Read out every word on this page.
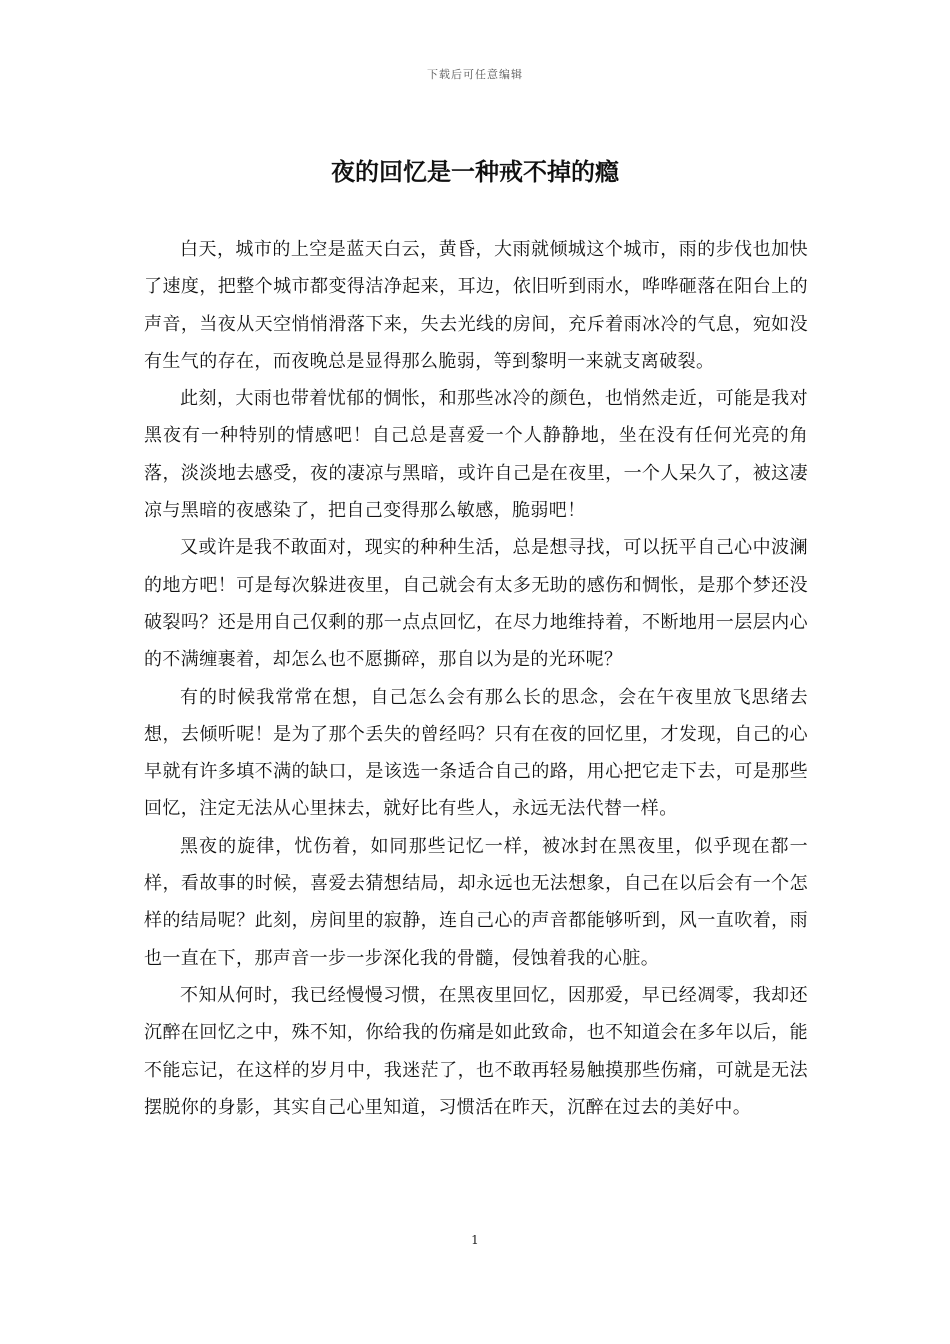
下载后可任意编辑
夜的回忆是一种戒不掉的瘾

白天，城市的上空是蓝天白云，黄昏，大雨就倾城这个城市，雨的步伐也加快了速度，把整个城市都变得洁净起来，耳边，依旧听到雨水，哗哗砸落在阳台上的声音，当夜从天空悄悄滑落下来，失去光线的房间，充斥着雨冰冷的气息，宛如没有生气的存在，而夜晚总是显得那么脆弱，等到黎明一来就支离破裂。

此刻，大雨也带着忧郁的惆怅，和那些冰冷的颜色，也悄然走近，可能是我对黑夜有一种特别的情感吧！自己总是喜爱一个人静静地，坐在没有任何光亮的角落，淡淡地去感受，夜的凄凉与黑暗，或许自己是在夜里，一个人呆久了，被这凄凉与黑暗的夜感染了，把自己变得那么敏感，脆弱吧！

又或许是我不敢面对，现实的种种生活，总是想寻找，可以抚平自己心中波澜的地方吧！可是每次躲进夜里，自己就会有太多无助的感伤和惆怅，是那个梦还没破裂吗？还是用自己仅剩的那一点点回忆，在尽力地维持着，不断地用一层层内心的不满缠裹着，却怎么也不愿撕碎，那自以为是的光环呢？

有的时候我常常在想，自己怎么会有那么长的思念，会在午夜里放飞思绪去想，去倾听呢！是为了那个丢失的曾经吗？只有在夜的回忆里，才发现，自己的心早就有许多填不满的缺口，是该选一条适合自己的路，用心把它走下去，可是那些回忆，注定无法从心里抹去，就好比有些人，永远无法代替一样。

黑夜的旋律，忧伤着，如同那些记忆一样，被冰封在黑夜里，似乎现在都一样，看故事的时候，喜爱去猜想结局，却永远也无法想象，自己在以后会有一个怎样的结局呢？此刻，房间里的寂静，连自己心的声音都能够听到，风一直吹着，雨也一直在下，那声音一步一步深化我的骨髓，侵蚀着我的心脏。

不知从何时，我已经慢慢习惯，在黑夜里回忆，因那爱，早已经凋零，我却还沉醉在回忆之中，殊不知，你给我的伤痛是如此致命，也不知道会在多年以后，能不能忘记，在这样的岁月中，我迷茫了，也不敢再轻易触摸那些伤痛，可就是无法摆脱你的身影，其实自己心里知道，习惯活在昨天，沉醉在过去的美好中。

1
